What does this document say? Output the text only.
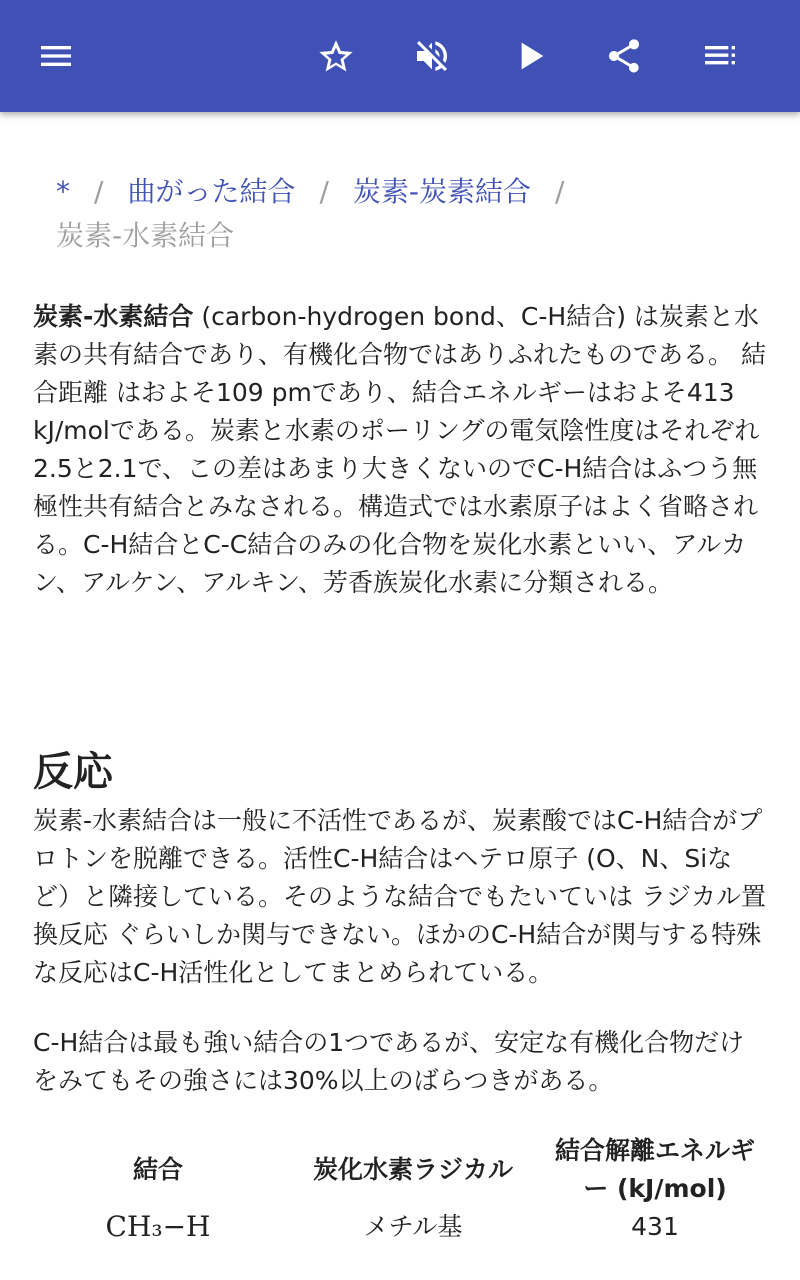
* / 曲がった結合 / 炭素-炭素結合 /
炭素-水素結合

炭素-水素結合 (carbon-hydrogen bond、C-H結合) は炭素と水素の共有結合であり、有機化合物ではありふれたものである。 結合距離 はおよそ109 pmであり、結合エネルギーはおよそ413 kJ/molである。炭素と水素のポーリングの電気陰性度はそれぞれ2.5と2.1で、この差はあまり大きくないのでC-H結合はふつう無極性共有結合とみなされる。構造式では水素原子はよく省略される。C-H結合とC-C結合のみの化合物を炭化水素といい、アルカン、アルケン、アルキン、芳香族炭化水素に分類される。

反応

炭素-水素結合は一般に不活性であるが、炭素酸ではC-H結合がプロトンを脱離できる。活性C-H結合はヘテロ原子 (O、N、Siなど）と隣接している。そのような結合でもたいていは ラジカル置換反応 ぐらいしか関与できない。ほかのC-H結合が関与する特殊な反応はC-H活性化としてまとめられている。

C-H結合は最も強い結合の1つであるが、安定な有機化合物だけをみてもその強さには30%以上のばらつきがある。

結合	炭化水素ラジカル	結合解離エネルギー (kJ/mol)
CH₃−H	メチル基	431
